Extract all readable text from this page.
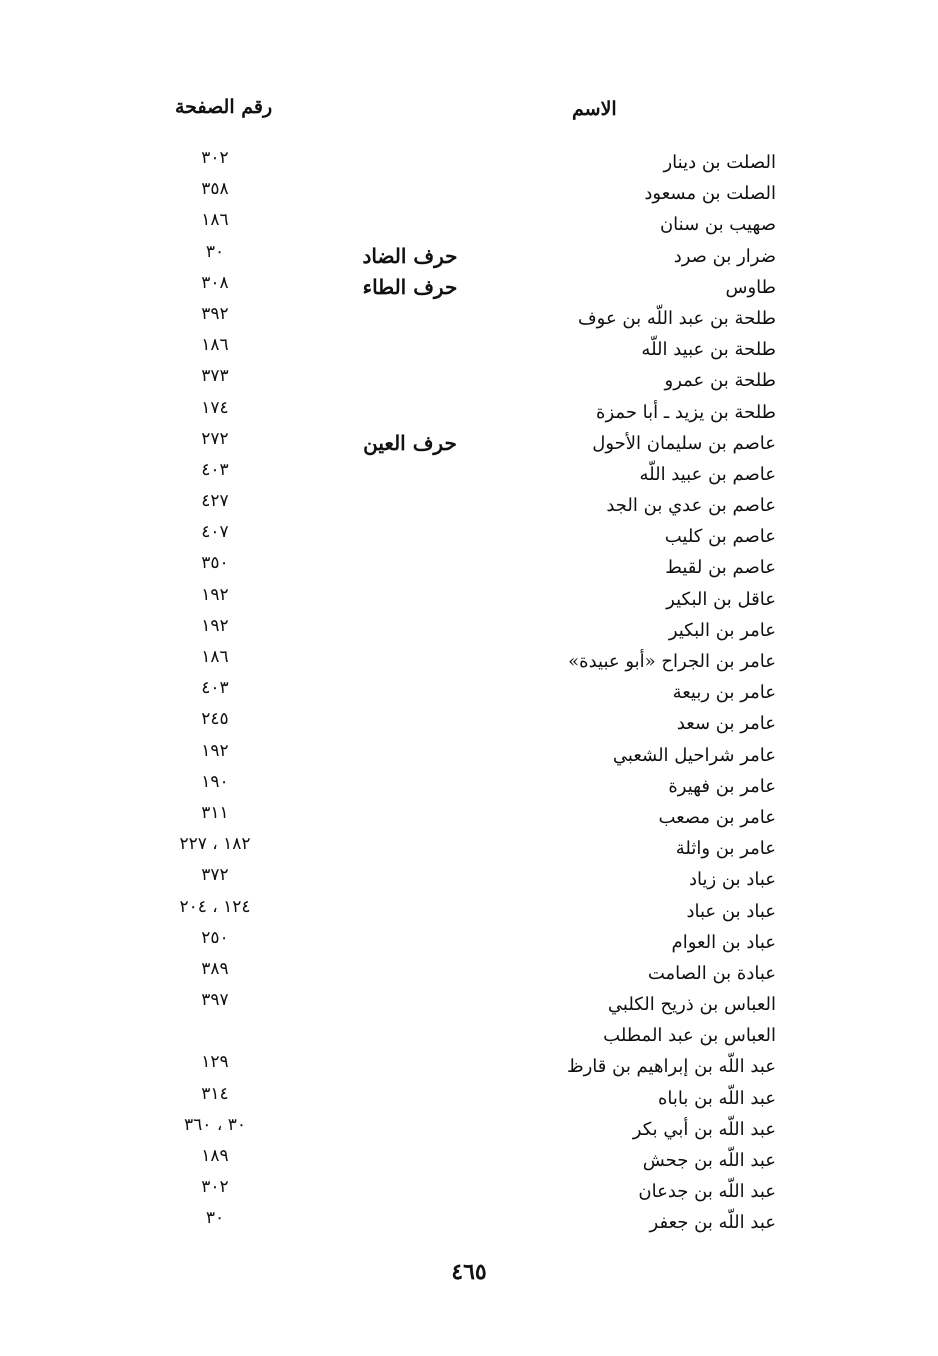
الاسم
رقم الصفحة
الصلت بن دينار
٣٠٢
الصلت بن مسعود
٣٥٨
صهيب بن سنان
١٨٦
ضرار بن صرد
حرف الضاد
٣٠
طاوس
حرف الطاء
٣٠٨
طلحة بن عبد اللّه بن عوف
٣٩٢
طلحة بن عبيد اللّه
١٨٦
طلحة بن عمرو
٣٧٣
طلحة بن يزيد ـ أبا حمزة
١٧٤
عاصم بن سليمان الأحول
حرف العين
٢٧٢
عاصم بن عبيد اللّه
٤٠٣
عاصم بن عدي بن الجد
٤٢٧
عاصم بن كليب
٤٠٧
عاصم بن لقيط
٣٥٠
عاقل بن البكير
١٩٢
عامر بن البكير
١٩٢
عامر بن الجراح «أبو عبيدة»
١٨٦
عامر بن ربيعة
٤٠٣
عامر بن سعد
٢٤٥
عامر شراحيل الشعبي
١٩٢
عامر بن فهيرة
١٩٠
عامر بن مصعب
٣١١
عامر بن واثلة
١٨٢ ، ٢٢٧
عباد بن زياد
٣٧٢
عباد بن عباد
١٢٤ ، ٢٠٤
عباد بن العوام
٢٥٠
عبادة بن الصامت
٣٨٩
العباس بن ذريح الكلبي
٣٩٧
العباس بن عبد المطلب
عبد اللّه بن إبراهيم بن قارظ
١٢٩
عبد اللّه بن باباه
٣١٤
عبد اللّه بن أبي بكر
٣٠ ، ٣٦٠
عبد اللّه بن جحش
١٨٩
عبد اللّه بن جدعان
٣٠٢
عبد اللّه بن جعفر
٣٠
٤٦٥
